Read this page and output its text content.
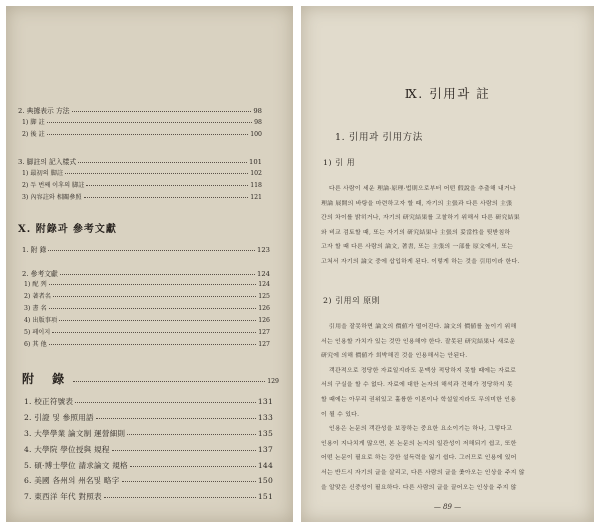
2. 典據表示 方法	98
1) 脚 註	98
2) 後 註	100
3. 脚註의 記入樣式	101
1) 最初의 脚註	102
2) 두 번째 이후의 脚註	118
3) 內容註와 相關參照	121
X. 附錄과 參考文獻
1. 附 錄	123
2. 參考文獻	124
1) 配 列	124
2) 著者名	125
3) 書 名	126
4) 出版事項	126
5) 페이지	127
6) 其 他	127
附 錄	129
1. 校正符號表	131
2. 引證 및 參照用語	133
3. 大學學業 論文制 運營細則	135
4. 大學院 學位授與 規程	137
5. 碩·博士學位 請求論文 規格	144
6. 美國 各州의 州名및 略字	150
7. 東西洋 年代 對照表	151
Ⅸ. 引用과 註
1. 引用과 引用方法
1) 引 用
다른 사람이 세운 理論·原理·법則으로부터 어떤 假說을 추출해 내거나
理論 展開의 바탕을 마련하고자 할 때, 자기의 主張과 다른 사람의 主張
간의 차이를 밝히거나, 자기의 研究結果를 고찰하기 위해서 다른 研究結果
와 비교 검토할 때, 또는 자기의 研究結果나 主張의 妥當性을 뒷받침하
고자 할 때 다른 사람의 論文, 著書, 또는 主張의 一部를 原文에서, 또는
고쳐서 자기의 論文 중에 삽입하게 된다. 이렇게 하는 것을 引用이라 한다.
2) 引用의 原則
引用을 잘못하면 論文의 價値가 떨어진다. 論文의 價値를 높이기 위해
서는 인용할 가치가 있는 것만 인용해야 한다. 잘못된 研究結果나 새로운
研究에 의해 價値가 희박해진 것을 인용해서는 안된다.
객관적으로 정당한 자료일지라도 문맥상 적당하지 못할 때에는 자료로
서의 구실을 할 수 없다. 자료에 대한 논자의 해석과 견해가 정당하지 못
할 때에는 아무리 권위있고 훌륭한 이론이나 학설일지라도 무의미한 인용
이 될 수 있다.
인용은 논문의 객관성을 보장하는 중요한 요소이기는 하나, 그렇다고
인용이 지나치게 많으면, 본 논문의 논지의 일관성이 저해되기 쉽고, 또한
어떤 논문이 필요로 하는 강한 설득력을 잃기 쉽다. 그러므로 인용에 있어
서는 반드시 자기의 글을 살리고, 다른 사람의 글을 좇아오는 인상을 주지 않
을 알맞은 신중성이 필요하다. 다른 사람의 글을 끌어오는 인상을 주지 않
— 89 —
